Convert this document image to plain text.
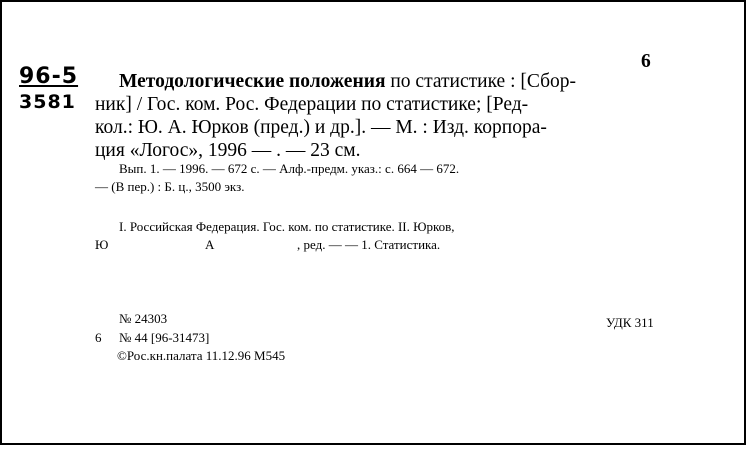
96-5
3581
6
Методологические положения по статистике : [Сбор-
ник] / Гос. ком. Рос. Федерации по статистике; [Ред-
кол.: Ю. А. Юрков (пред.) и др.]. — М. : Изд. корпора-
ция «Логос», 1996 — . — 23 см.
Вып. 1. — 1996. — 672 с. — Алф.-предм. указ.: с. 664 — 672.
— (В пер.) : Б. ц., 3500 экз.
I. Российская Федерация. Гос. ком. по статистике. II. Юрков,
Ю	А	, ред. — — 1. Статистика.
№ 24303
6 № 44 [96-31473]
©Рос.кн.палата 11.12.96 М545
УДК 311
